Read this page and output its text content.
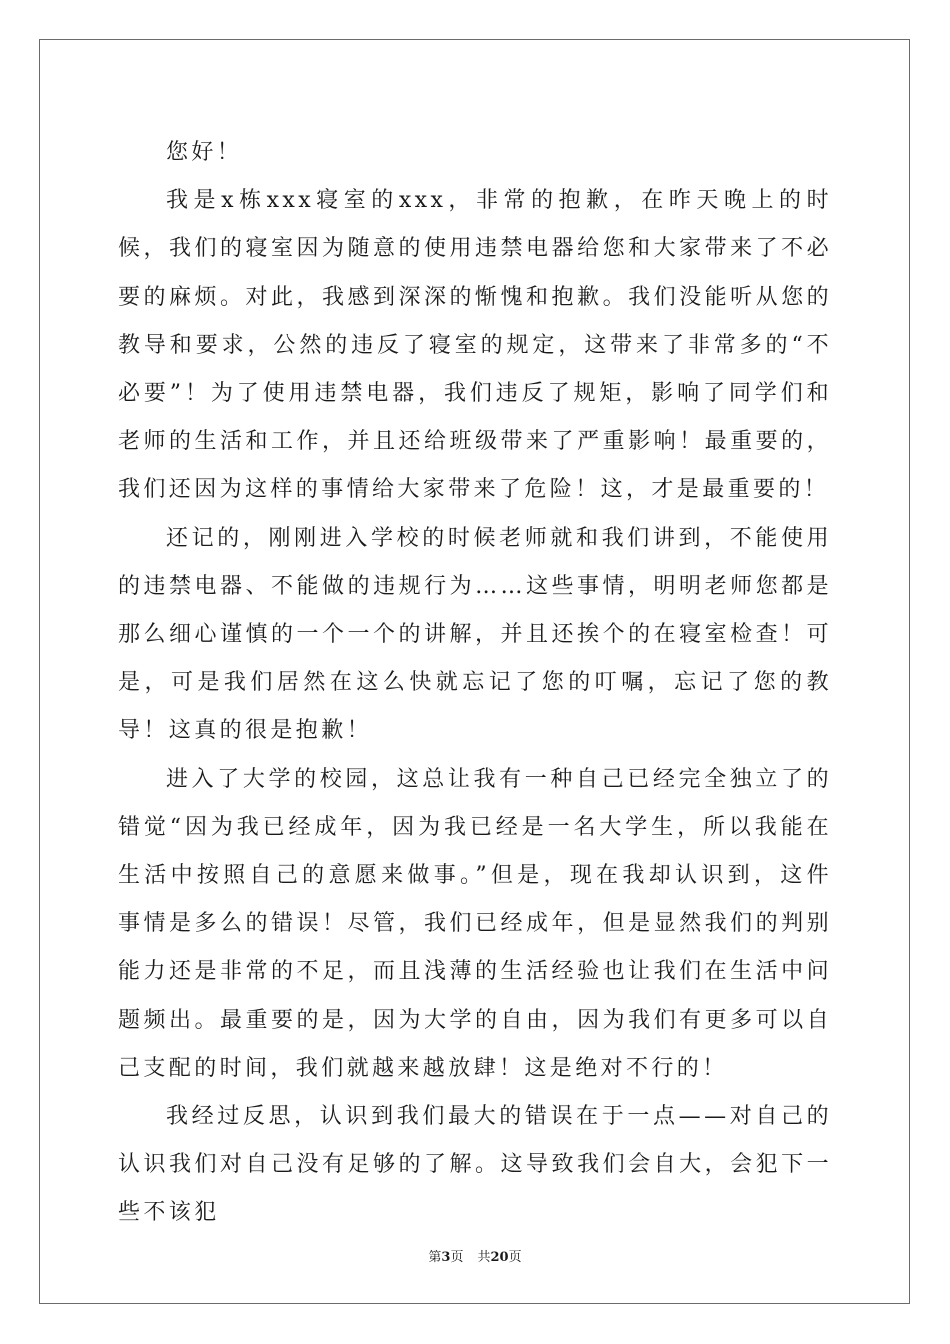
您好！

我是x栋xxx寝室的xxx，非常的抱歉，在昨天晚上的时候，我们的寝室因为随意的使用违禁电器给您和大家带来了不必要的麻烦。对此，我感到深深的惭愧和抱歉。我们没能听从您的教导和要求，公然的违反了寝室的规定，这带来了非常多的“不必要”！为了使用违禁电器，我们违反了规矩，影响了同学们和老师的生活和工作，并且还给班级带来了严重影响！最重要的，我们还因为这样的事情给大家带来了危险！这，才是最重要的！

还记的，刚刚进入学校的时候老师就和我们讲到，不能使用的违禁电器、不能做的违规行为……这些事情，明明老师您都是那么细心谨慎的一个一个的讲解，并且还挨个的在寝室检查！可是，可是我们居然在这么快就忘记了您的叮嘱，忘记了您的教导！这真的很是抱歉！

进入了大学的校园，这总让我有一种自己已经完全独立了的错觉“因为我已经成年，因为我已经是一名大学生，所以我能在生活中按照自己的意愿来做事。”但是，现在我却认识到，这件事情是多么的错误！尽管，我们已经成年，但是显然我们的判别能力还是非常的不足，而且浅薄的生活经验也让我们在生活中问题频出。最重要的是，因为大学的自由，因为我们有更多可以自己支配的时间，我们就越来越放肆！这是绝对不行的！

我经过反思，认识到我们最大的错误在于一点——对自己的认识我们对自己没有足够的了解。这导致我们会自大，会犯下一些不该犯

第3页 共20页
